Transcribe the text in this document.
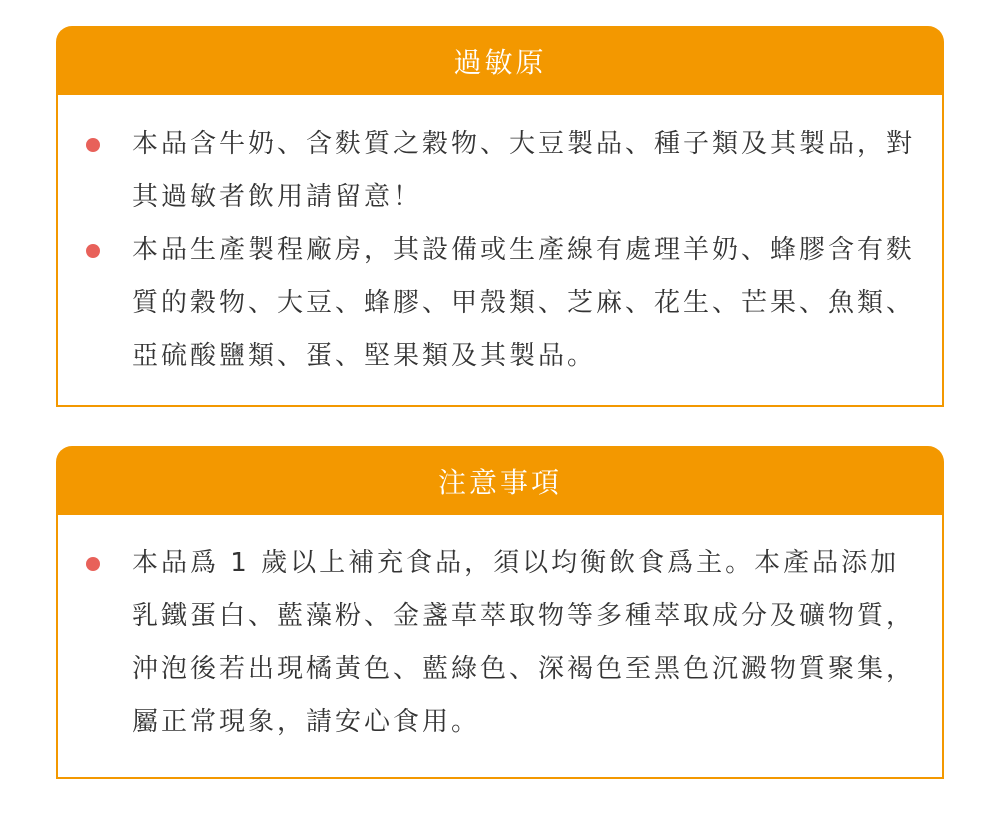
過敏原
本品含牛奶、含麩質之穀物、大豆製品、種子類及其製品，對其過敏者飲用請留意！
本品生產製程廠房，其設備或生產線有處理羊奶、蜂膠含有麩質的穀物、大豆、蜂膠、甲殼類、芝麻、花生、芒果、魚類、亞硫酸鹽類、蛋、堅果類及其製品。
注意事項
本品爲 1 歲以上補充食品，須以均衡飲食爲主。本產品添加乳鐵蛋白、藍藻粉、金盞草萃取物等多種萃取成分及礦物質，沖泡後若出現橘黃色、藍綠色、深褐色至黑色沉澱物質聚集，屬正常現象，請安心食用。
